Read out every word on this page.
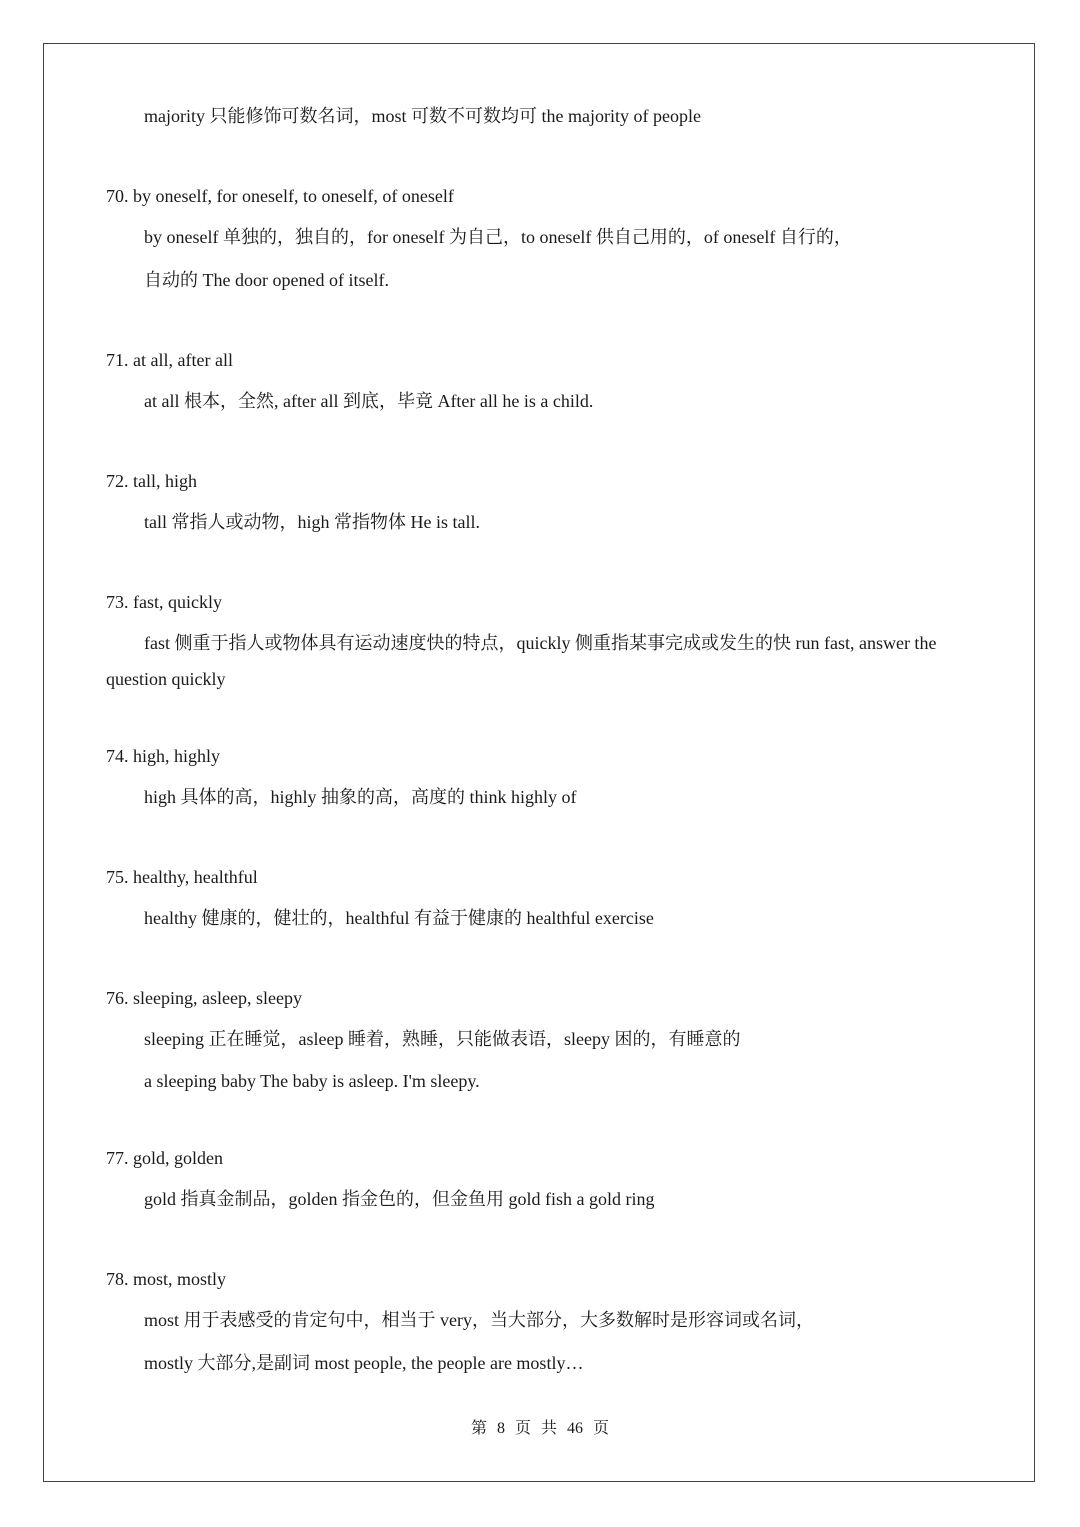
majority 只能修饰可数名词，most 可数不可数均可 the majority of people
70. by oneself, for oneself, to oneself, of oneself
by oneself 单独的，独自的，for oneself 为自己，to oneself 供自己用的，of oneself 自行的，
自动的 The door opened of itself.
71. at all, after all
at all 根本，全然, after all 到底，毕竟 After all he is a child.
72. tall, high
tall 常指人或动物，high 常指物体 He is tall.
73. fast, quickly
fast 侧重于指人或物体具有运动速度快的特点，quickly 侧重指某事完成或发生的快 run fast, answer the
question quickly
74. high, highly
high 具体的高，highly 抽象的高，高度的 think highly of
75. healthy, healthful
healthy 健康的，健壮的，healthful 有益于健康的 healthful exercise
76. sleeping, asleep, sleepy
sleeping 正在睡觉，asleep 睡着，熟睡，只能做表语，sleepy 困的，有睡意的
a sleeping baby The baby is asleep. I'm sleepy.
77. gold, golden
gold 指真金制品，golden 指金色的，但金鱼用 gold fish a gold ring
78. most, mostly
most 用于表感受的肯定句中，相当于 very，当大部分，大多数解时是形容词或名词，
mostly 大部分,是副词 most people, the people are mostly…
第 8 页 共 46 页
